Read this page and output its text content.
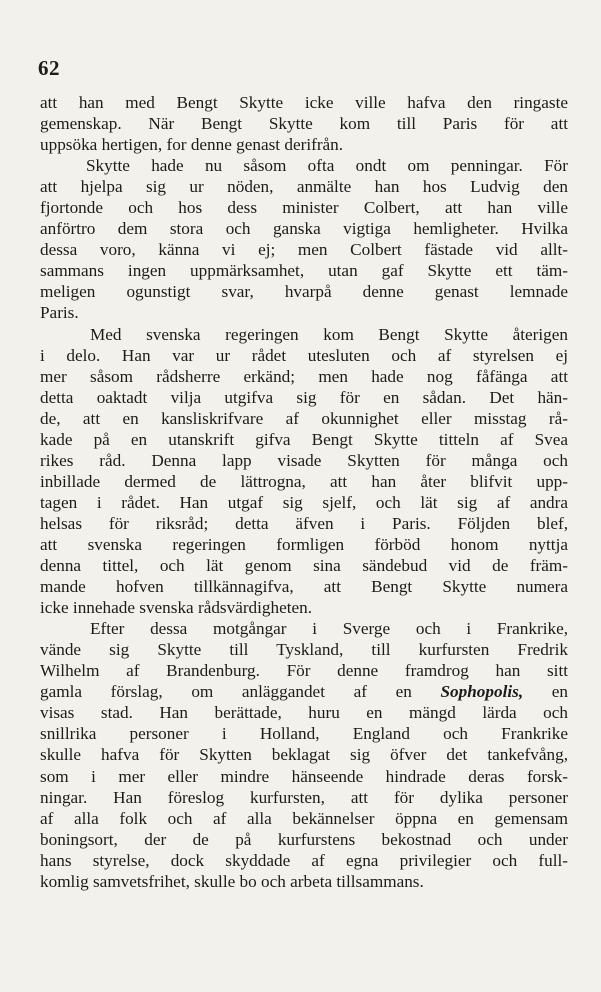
62
att han med Bengt Skytte icke ville hafva den ringaste
gemenskap. När Bengt Skytte kom till Paris för att
uppsöka hertigen, for denne genast derifrån.
Skytte hade nu såsom ofta ondt om penningar. För
att hjelpa sig ur nöden, anmälte han hos Ludvig den
fjortonde och hos dess minister Colbert, att han ville
anförtro dem stora och ganska vigtiga hemligheter. Hvilka
dessa voro, känna vi ej; men Colbert fästade vid allt-
sammans ingen uppmärksamhet, utan gaf Skytte ett täm-
meligen ogunstigt svar, hvarpå denne genast lemnade
Paris.
Med svenska regeringen kom Bengt Skytte återigen
i delo. Han var ur rådet utesluten och af styrelsen ej
mer såsom rådsherre erkänd; men hade nog fåfänga att
detta oaktadt vilja utgifva sig för en sådan. Det hän-
de, att en kansliskrifvare af okunnighet eller misstag rå-
kade på en utanskrift gifva Bengt Skytte titteln af Svea
rikes råd. Denna lapp visade Skytten för många och
inbillade dermed de lättrogna, att han åter blifvit upp-
tagen i rådet. Han utgaf sig sjelf, och lät sig af andra
helsas för riksråd; detta äfven i Paris. Följden blef,
att svenska regeringen formligen förböd honom nyttja
denna tittel, och lät genom sina sändebud vid de främ-
mande hofven tillkännagifva, att Bengt Skytte numera
icke innehade svenska rådsvärdigheten.
Efter dessa motgångar i Sverge och i Frankrike,
vände sig Skytte till Tyskland, till kurfursten Fredrik
Wilhelm af Brandenburg. För denne framdrog han sitt
gamla förslag, om anläggandet af en Sophopolis, en
visas stad. Han berättade, huru en mängd lärda och
snillrika personer i Holland, England och Frankrike
skulle hafva för Skytten beklagat sig öfver det tankefvång,
som i mer eller mindre hänseende hindrade deras forsk-
ningar. Han föreslog kurfursten, att för dylika personer
af alla folk och af alla bekännelser öppna en gemensam
boningsort, der de på kurfurstens bekostnad och under
hans styrelse, dock skyddade af egna privilegier och full-
komlig samvetsfrihet, skulle bo och arbeta tillsammans.
